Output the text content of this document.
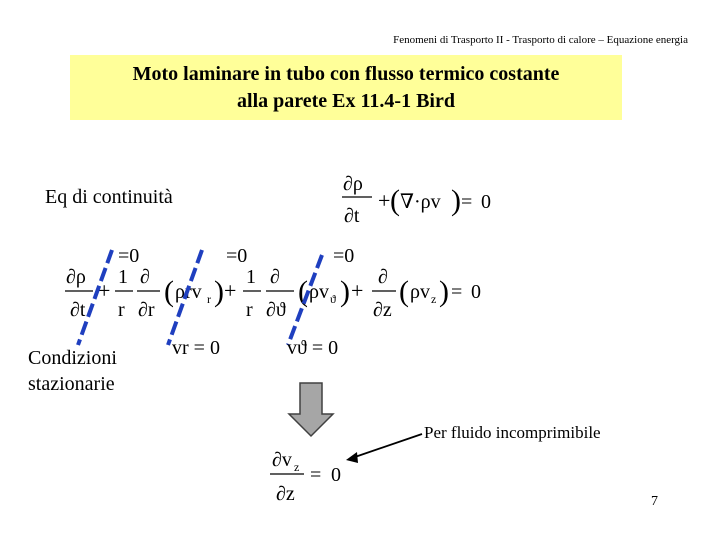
Fenomeni di Trasporto II - Trasporto di calore – Equazione energia
Moto laminare in tubo con flusso termico costante
alla parete Ex 11.4-1 Bird
Eq di continuità
Condizioni
stazionarie
7
∂ρ
∂t
+ ( ∇·ρv ) = 0
=0	=0	=0
∂ρ
∂t
+
1
r
∂
∂r
( ρrv r ) +
1
r
∂
∂ϑ
( ρv ϑ ) +
∂
∂z
( ρv z ) = 0
vr = 0	vϑ = 0
∂v z
∂z
= 0
Per fluido incomprimibile
